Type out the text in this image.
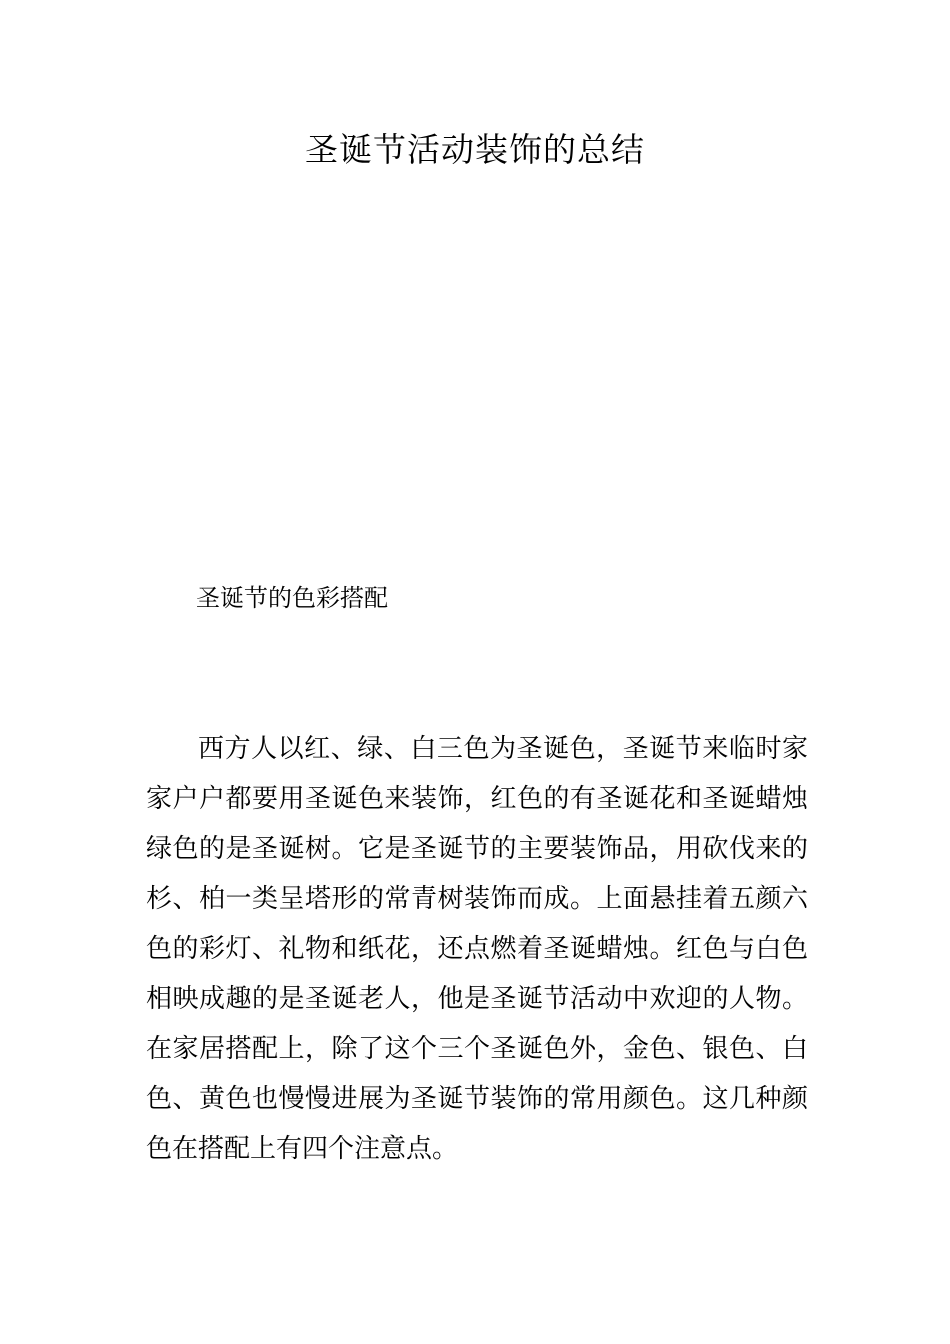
圣诞节活动装饰的总结
圣诞节的色彩搭配

西方人以红、绿、白三色为圣诞色，圣诞节来临时家家户户都要用圣诞色来装饰，红色的有圣诞花和圣诞蜡烛绿色的是圣诞树。它是圣诞节的主要装饰品，用砍伐来的杉、柏一类呈塔形的常青树装饰而成。上面悬挂着五颜六色的彩灯、礼物和纸花，还点燃着圣诞蜡烛。红色与白色相映成趣的是圣诞老人，他是圣诞节活动中欢迎的人物。在家居搭配上，除了这个三个圣诞色外，金色、银色、白色、黄色也慢慢进展为圣诞节装饰的常用颜色。这几种颜色在搭配上有四个注意点。
